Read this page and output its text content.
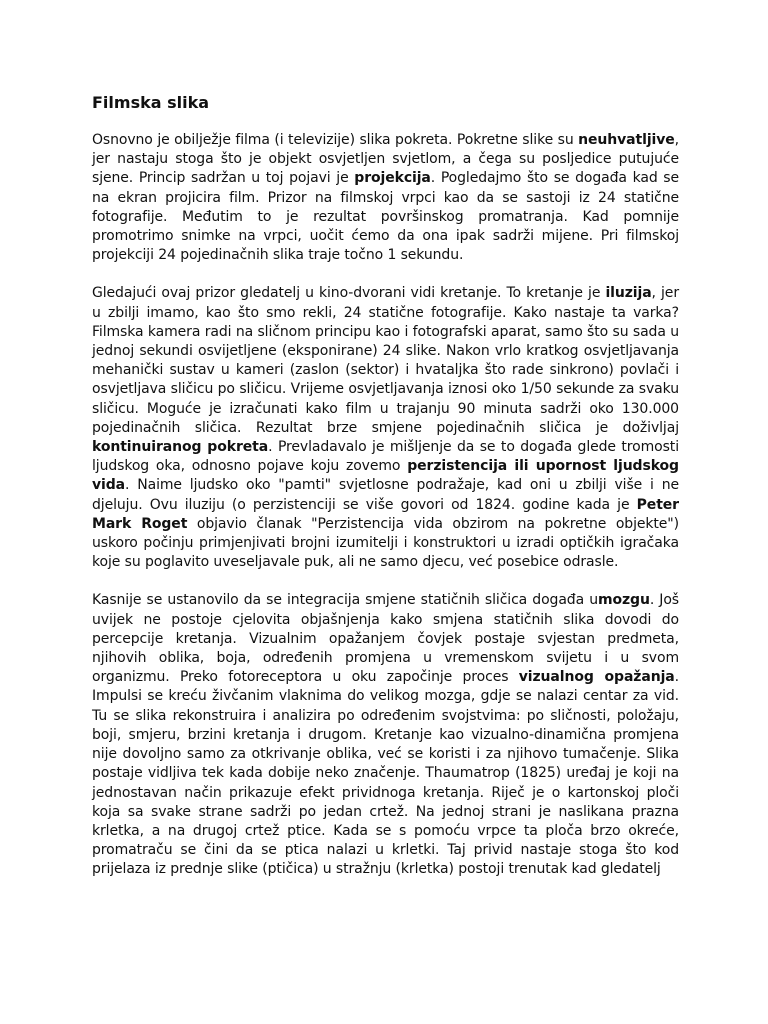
Filmska slika

Osnovno je obilježje filma (i televizije) slika pokreta. Pokretne slike su neuhvatljive, jer nastaju stoga što je objekt osvjetljen svjetlom, a čega su posljedice putujuće sjene. Princip sadržan u toj pojavi je projekcija. Pogledajmo što se događa kad se na ekran projicira film. Prizor na filmskoj vrpci kao da se sastoji iz 24 statične fotografije. Međutim to je rezultat površinskog promatranja. Kad pomnije promotrimo snimke na vrpci, uočit ćemo da ona ipak sadrži mijene. Pri filmskoj projekciji 24 pojedinačnih slika traje točno 1 sekundu.

Gledajući ovaj prizor gledatelj u kino-dvorani vidi kretanje. To kretanje je iluzija, jer u zbilji imamo, kao što smo rekli, 24 statične fotografije. Kako nastaje ta varka? Filmska kamera radi na sličnom principu kao i fotografski aparat, samo što su sada u jednoj sekundi osvijetljene (eksponirane) 24 slike. Nakon vrlo kratkog osvjetljavanja mehanički sustav u kameri (zaslon (sektor) i hvataljka što rade sinkrono) povlači i osvjetljava sličicu po sličicu. Vrijeme osvjetljavanja iznosi oko 1/50 sekunde za svaku sličicu. Moguće je izračunati kako film u trajanju 90 minuta sadrži oko 130.000 pojedinačnih sličica. Rezultat brze smjene pojedinačnih sličica je doživljaj kontinuiranog pokreta. Prevladavalo je mišljenje da se to događa glede tromosti ljudskog oka, odnosno pojave koju zovemo perzistencija ili upornost ljudskog vida. Naime ljudsko oko "pamti" svjetlosne podražaje, kad oni u zbilji više i ne djeluju. Ovu iluziju (o perzistenciji se više govori od 1824. godine kada je Peter Mark Roget objavio članak "Perzistencija vida obzirom na pokretne objekte") uskoro počinju primjenjivati brojni izumitelji i konstruktori u izradi optičkih igračaka koje su poglavito uveseljavale puk, ali ne samo djecu, već posebice odrasle.

Kasnije se ustanovilo da se integracija smjene statičnih sličica događa umozgu. Još uvijek ne postoje cjelovita objašnjenja kako smjena statičnih slika dovodi do percepcije kretanja. Vizualnim opažanjem čovjek postaje svjestan predmeta, njihovih oblika, boja, određenih promjena u vremenskom svijetu i u svom organizmu. Preko fotoreceptora u oku započinje proces vizualnog opažanja. Impulsi se kreću živčanim vlaknima do velikog mozga, gdje se nalazi centar za vid. Tu se slika rekonstruira i analizira po određenim svojstvima: po sličnosti, položaju, boji, smjeru, brzini kretanja i drugom. Kretanje kao vizualno-dinamična promjena nije dovoljno samo za otkrivanje oblika, već se koristi i za njihovo tumačenje. Slika postaje vidljiva tek kada dobije neko značenje. Thaumatrop (1825) uređaj je koji na jednostavan način prikazuje efekt prividnoga kretanja. Riječ je o kartonskoj ploči koja sa svake strane sadrži po jedan crtež. Na jednoj strani je naslikana prazna krletka, a na drugoj crtež ptice. Kada se s pomoću vrpce ta ploča brzo okreće, promatraču se čini da se ptica nalazi u krletki. Taj privid nastaje stoga što kod prijelaza iz prednje slike (ptičica) u stražnju (krletka) postoji trenutak kad gledatelj
